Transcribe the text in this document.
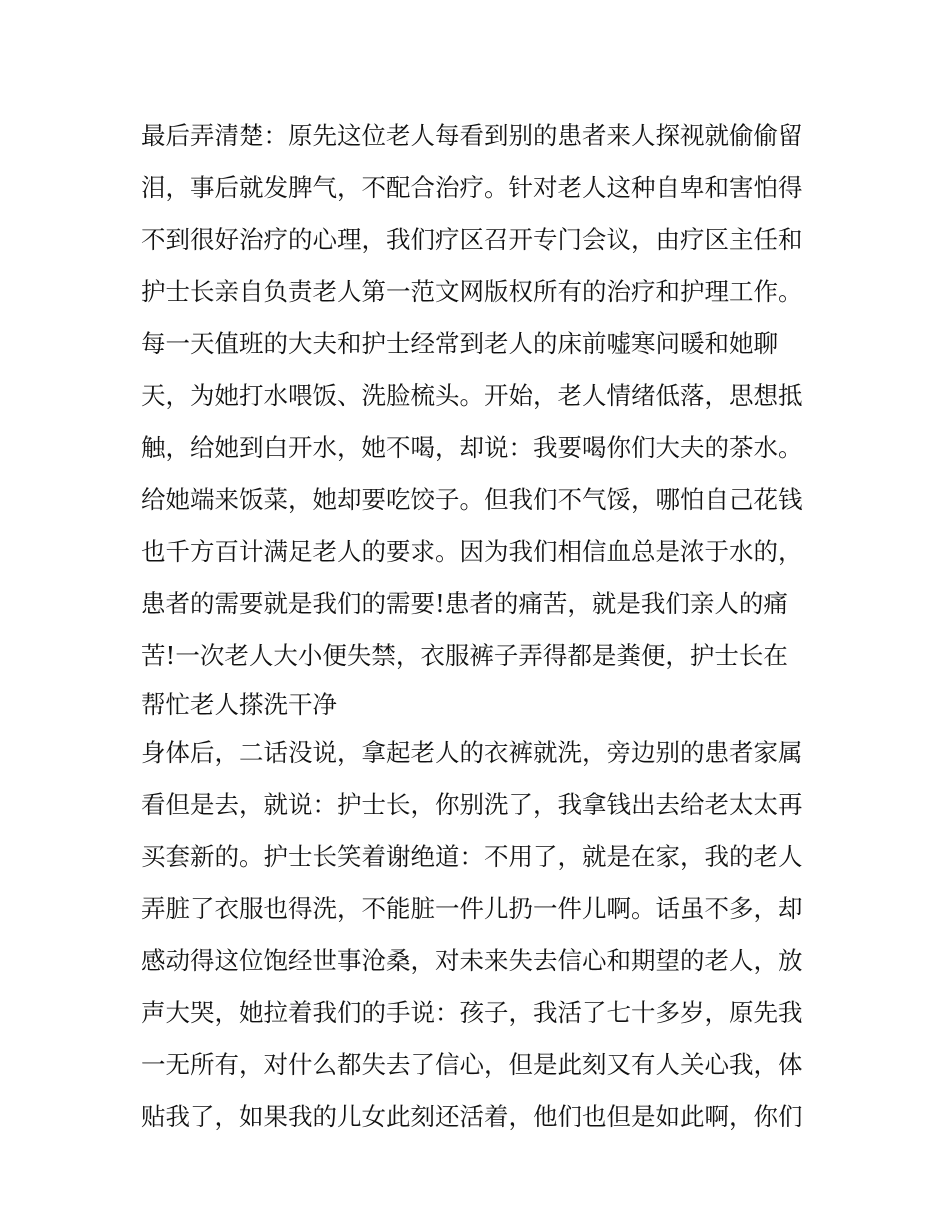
最后弄清楚：原先这位老人每看到别的患者来人探视就偷偷留
泪，事后就发脾气，不配合治疗。针对老人这种自卑和害怕得
不到很好治疗的心理，我们疗区召开专门会议，由疗区主任和
护士长亲自负责老人第一范文网版权所有的治疗和护理工作。
每一天值班的大夫和护士经常到老人的床前嘘寒问暖和她聊
天，为她打水喂饭、洗脸梳头。开始，老人情绪低落，思想抵
触，给她到白开水，她不喝，却说：我要喝你们大夫的茶水。
给她端来饭菜，她却要吃饺子。但我们不气馁，哪怕自己花钱
也千方百计满足老人的要求。因为我们相信血总是浓于水的，
患者的需要就是我们的需要!患者的痛苦，就是我们亲人的痛
苦!一次老人大小便失禁，衣服裤子弄得都是粪便，护士长在
帮忙老人搽洗干净
身体后，二话没说，拿起老人的衣裤就洗，旁边别的患者家属
看但是去，就说：护士长，你别洗了，我拿钱出去给老太太再
买套新的。护士长笑着谢绝道：不用了，就是在家，我的老人
弄脏了衣服也得洗，不能脏一件儿扔一件儿啊。话虽不多，却
感动得这位饱经世事沧桑，对未来失去信心和期望的老人，放
声大哭，她拉着我们的手说：孩子，我活了七十多岁，原先我
一无所有，对什么都失去了信心，但是此刻又有人关心我，体
贴我了，如果我的儿女此刻还活着，他们也但是如此啊，你们
